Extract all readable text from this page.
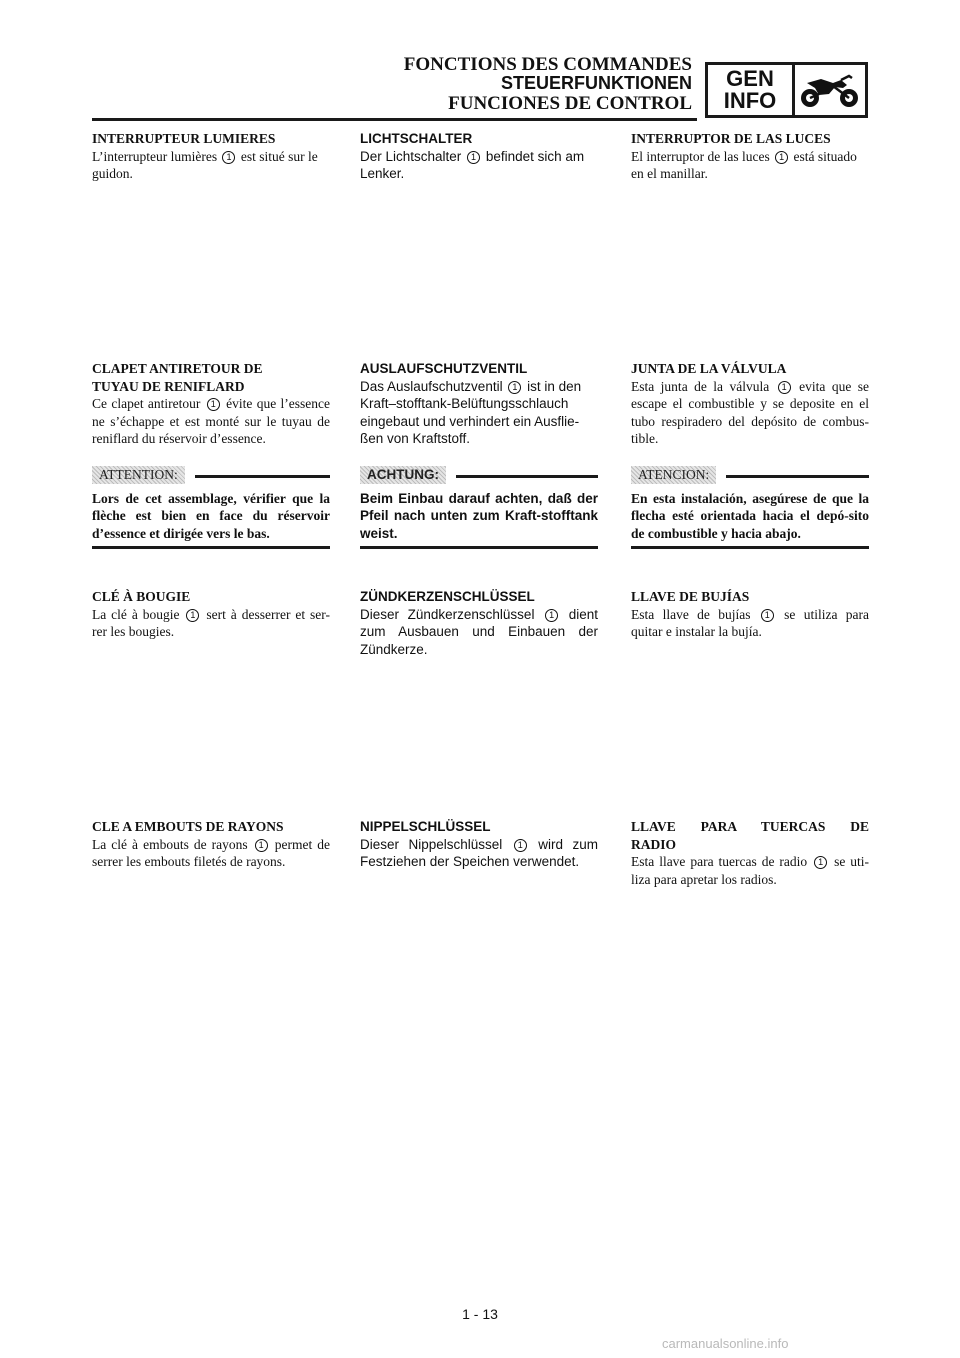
FONCTIONS DES COMMANDES
STEUERFUNKTIONEN
FUNCIONES DE CONTROL
GEN
INFO

INTERRUPTEUR LUMIERES

L’interrupteur lumières 1 est situé sur le guidon.

LICHTSCHALTER

Der Lichtschalter 1 befindet sich am Lenker.

INTERRUPTOR DE LAS LUCES

El interruptor de las luces 1 está situado en el manillar.

CLAPET ANTIRETOUR DE

TUYAU DE RENIFLARD

Ce clapet antiretour 1 évite que l’essence ne s’échappe et est monté sur le tuyau de reniflard du réservoir d’essence.

ATTENTION:

Lors de cet assemblage, vérifier que la flèche est bien en face du réservoir d’essence et dirigée vers le bas.

AUSLAUFSCHUTZVENTIL

Das Auslaufschutzventil 1 ist in den Kraft–stofftank-Belüftungsschlauch eingebaut und verhindert ein Ausflie-ßen von Kraftstoff.

ACHTUNG:

Beim Einbau darauf achten, daß der Pfeil nach unten zum Kraft-stofftank weist.

JUNTA DE LA VÁLVULA

Esta junta de la válvula 1 evita que se escape el combustible y se deposite en el tubo respiradero del depósito de combus-tible.

ATENCION:

En esta instalación, asegúrese de que la flecha esté orientada hacia el depó-sito de combustible y hacia abajo.

CLÉ À BOUGIE

La clé à bougie 1 sert à desserrer et ser-rer les bougies.

ZÜNDKERZENSCHLÜSSEL

Dieser Zündkerzenschlüssel 1 dient zum Ausbauen und Einbauen der Zündkerze.

LLAVE DE BUJÍAS

Esta llave de bujías 1 se utiliza para quitar e instalar la bujía.

CLE A EMBOUTS DE RAYONS

La clé à embouts de rayons 1 permet de serrer les embouts filetés de rayons.

NIPPELSCHLÜSSEL

Dieser Nippelschlüssel 1 wird zum Festziehen der Speichen verwendet.

LLAVE PARA TUERCAS DE

RADIO

Esta llave para tuercas de radio 1 se uti-liza para apretar los radios.

1 - 13
carmanualsonline.info
